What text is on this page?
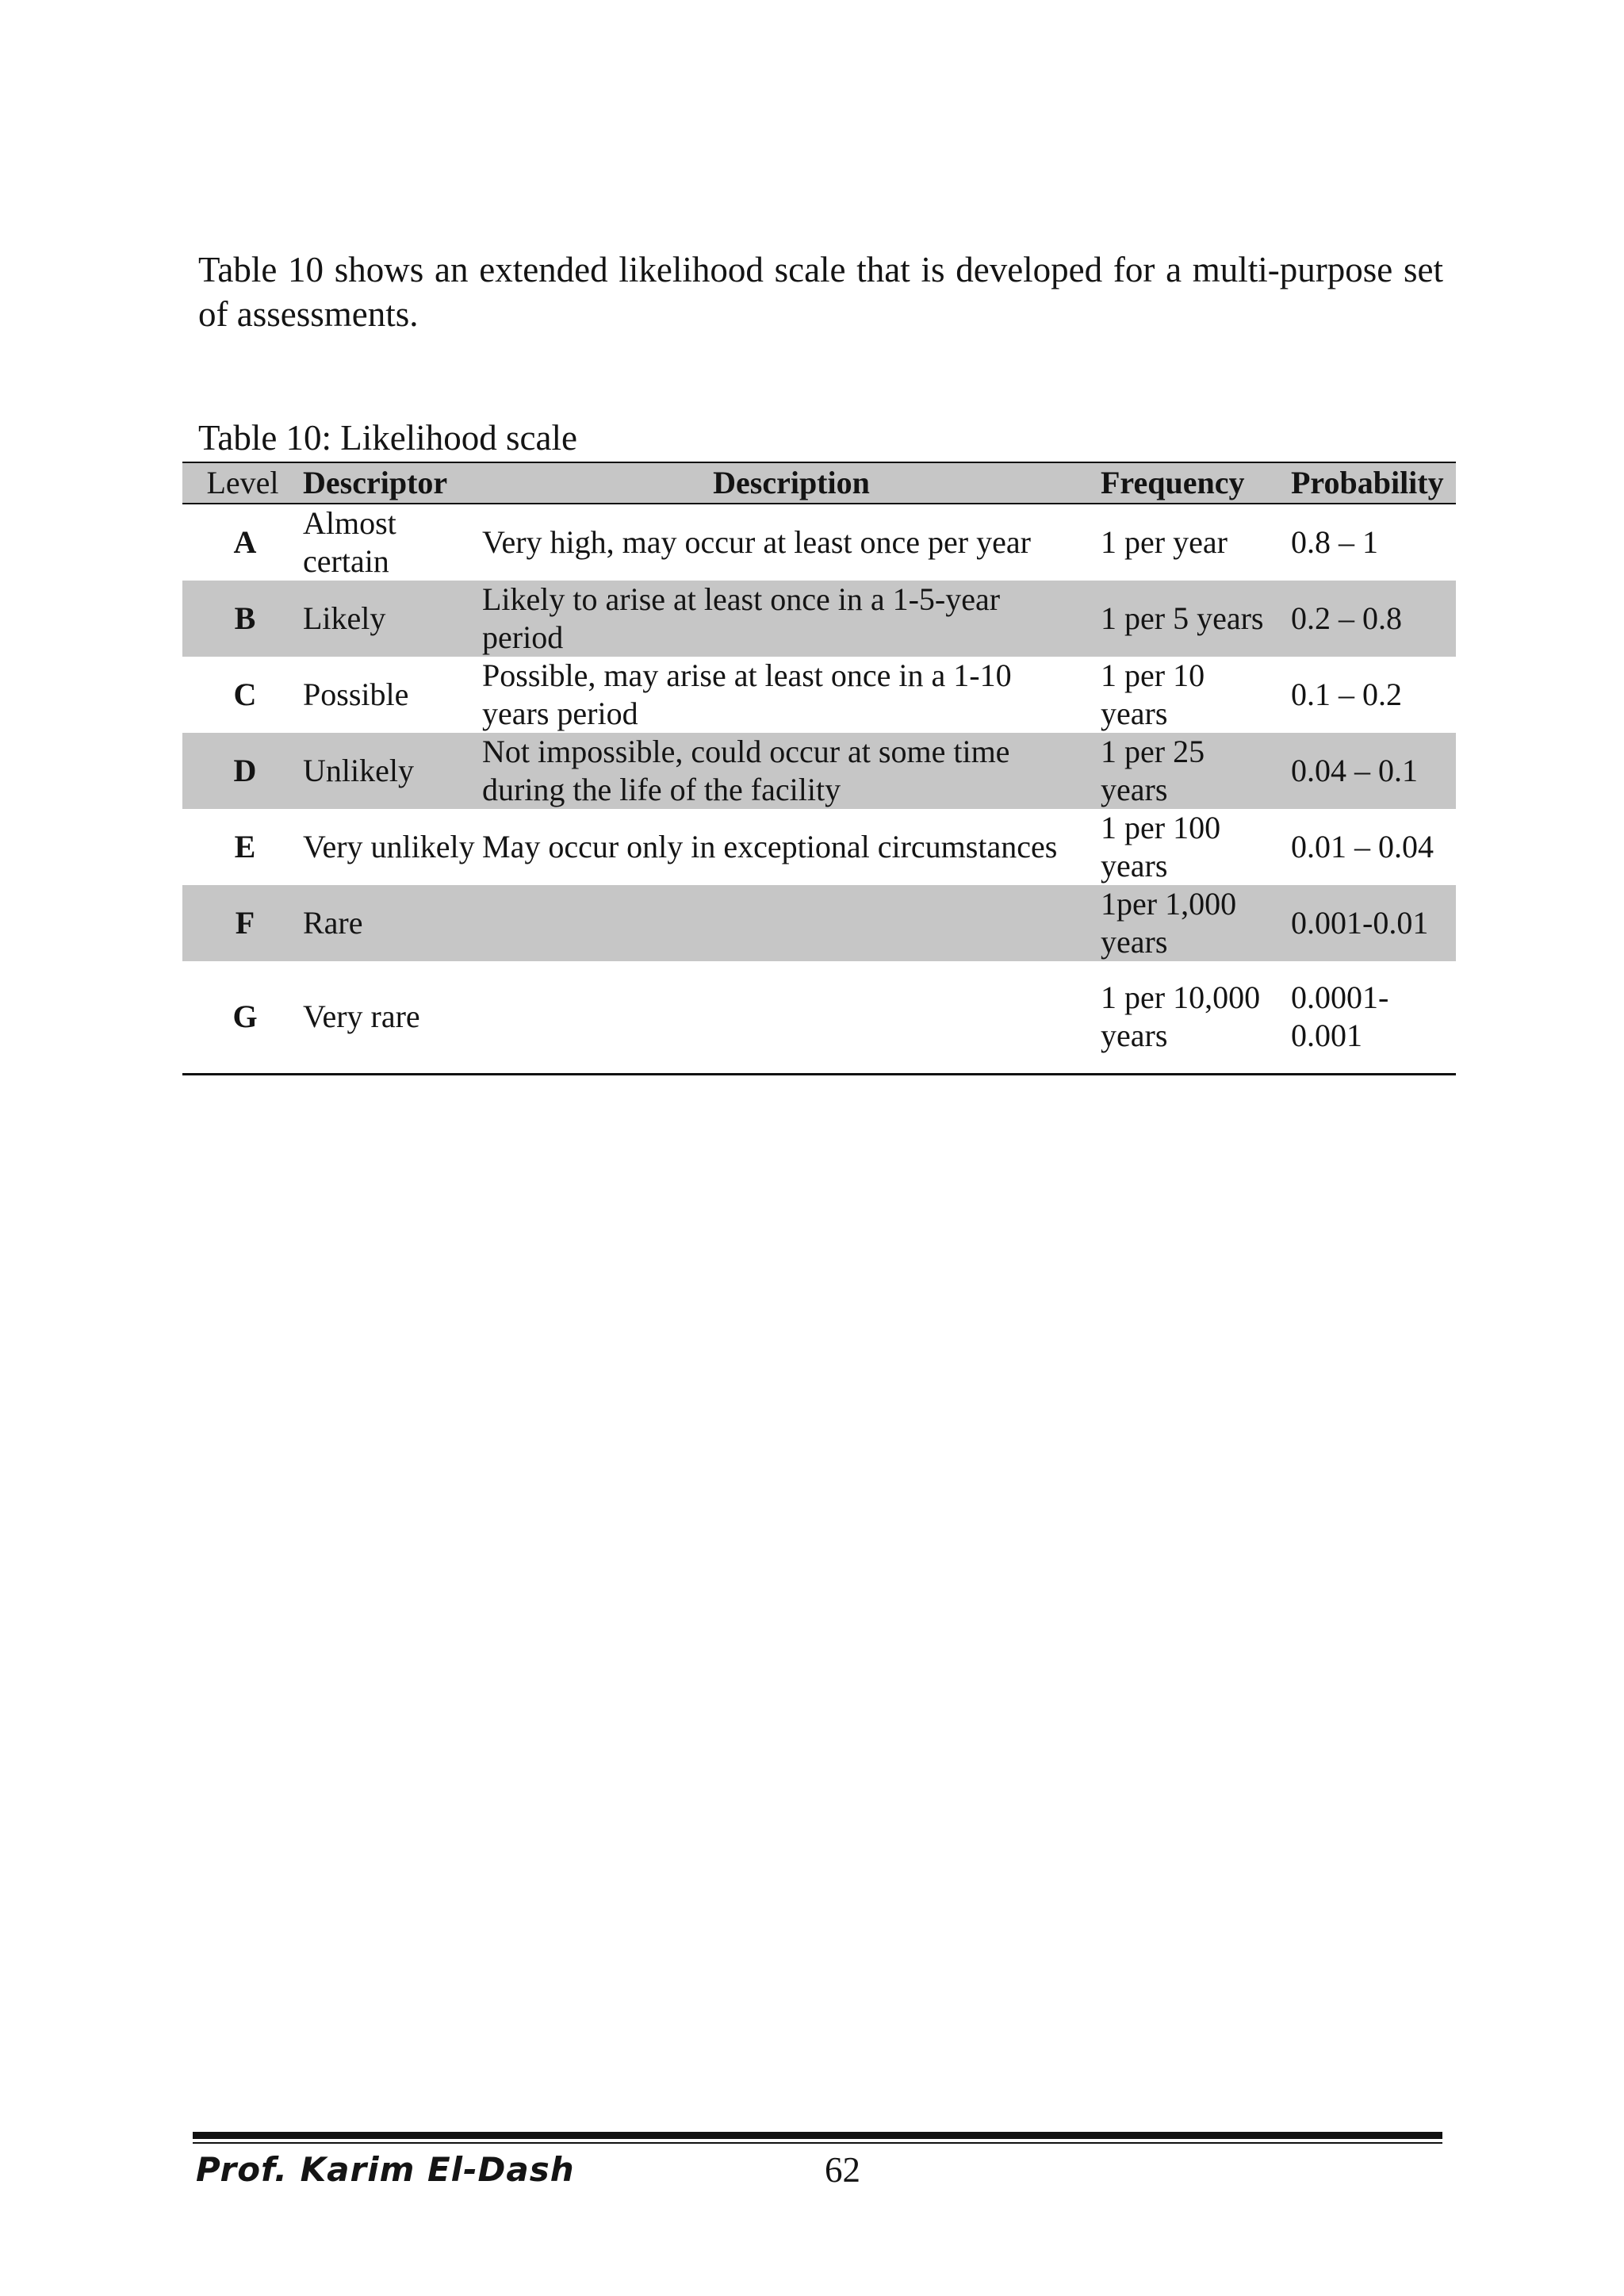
Table 10 shows an extended likelihood scale that is developed for a multi-purpose set of assessments.

Table 10: Likelihood scale

Level	Descriptor	Description	Frequency	Probability
A	Almost certain	Very high, may occur at least once per year	1 per year	0.8 – 1
B	Likely	Likely to arise at least once in a 1-5-year period	1 per 5 years	0.2 – 0.8
C	Possible	Possible, may arise at least once in a 1-10 years period	1 per 10 years	0.1 – 0.2
D	Unlikely	Not impossible, could occur at some time during the life of the facility	1 per 25 years	0.04 – 0.1
E	Very unlikely	May occur only in exceptional circumstances	1 per 100 years	0.01 – 0.04
F	Rare		1per 1,000 years	0.001-0.01
G	Very rare		1 per 10,000 years	0.0001-0.001
Prof. Karim El-Dash	62
